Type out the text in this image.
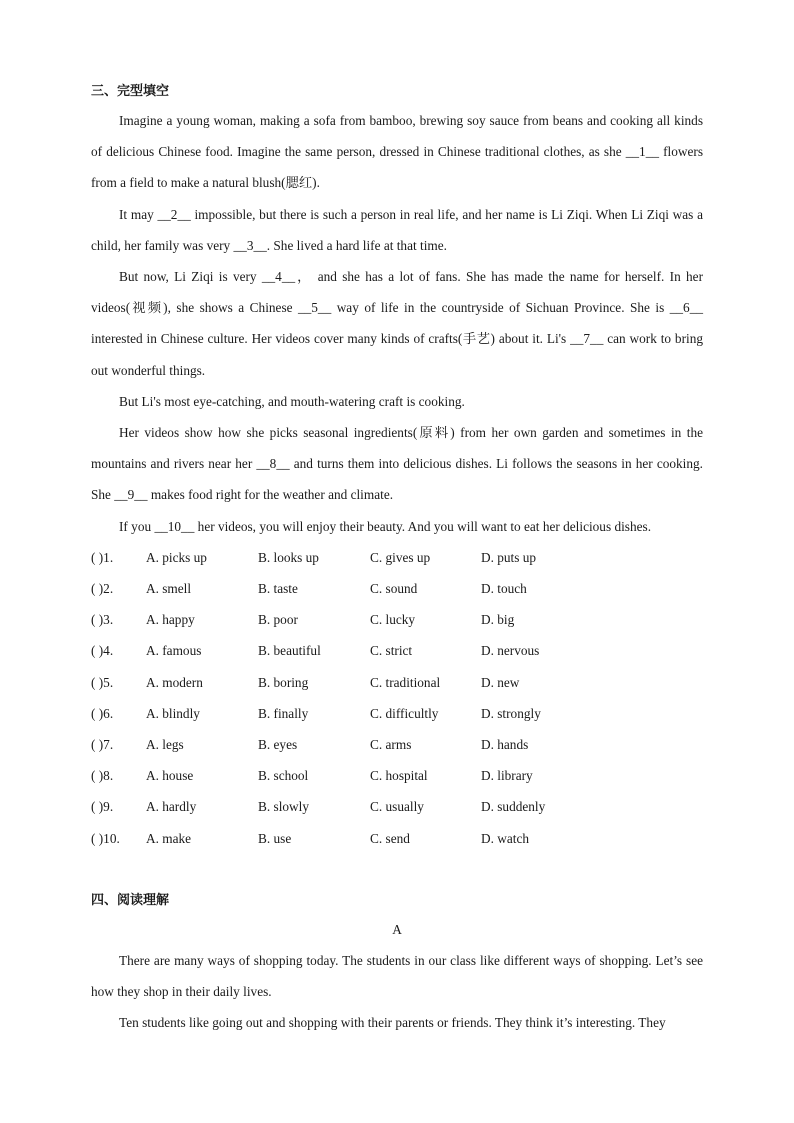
三、完型填空

Imagine a young woman, making a sofa from bamboo, brewing soy sauce from beans and cooking all kinds of delicious Chinese food. Imagine the same person, dressed in Chinese traditional clothes, as she __1__ flowers from a field to make a natural blush(腮红).

It may __2__ impossible, but there is such a person in real life, and her name is Li Ziqi. When Li Ziqi was a child, her family was very __3__. She lived a hard life at that time.

But now, Li Ziqi is very __4__， and she has a lot of fans. She has made the name for herself. In her videos(视频), she shows a Chinese __5__ way of life in the countryside of Sichuan Province. She is __6__ interested in Chinese culture. Her videos cover many kinds of crafts(手艺) about it. Li's __7__ can work to bring out wonderful things.

But Li's most eye-catching, and mouth-watering craft is cooking.

Her videos show how she picks seasonal ingredients(原料) from her own garden and sometimes in the mountains and rivers near her __8__ and turns them into delicious dishes. Li follows the seasons in her cooking. She __9__ makes food right for the weather and climate.

If you __10__ her videos, you will enjoy their beauty. And you will want to eat her delicious dishes.

( )1.	A. picks up	B. looks up	C. gives up	D. puts up
( )2.	A. smell	B. taste	C. sound	D. touch
( )3.	A. happy	B. poor	C. lucky	D. big
( )4.	A. famous	B. beautiful	C. strict	D. nervous
( )5.	A. modern	B. boring	C. traditional	D. new
( )6.	A. blindly	B. finally	C. difficultly	D. strongly
( )7.	A. legs	B. eyes	C. arms	D. hands
( )8.	A. house	B. school	C. hospital	D. library
( )9.	A. hardly	B. slowly	C. usually	D. suddenly
( )10.	A. make	B. use	C. send	D. watch
四、阅读理解
A

There are many ways of shopping today. The students in our class like different ways of shopping. Let’s see how they shop in their daily lives.

Ten students like going out and shopping with their parents or friends. They think it’s interesting. They
